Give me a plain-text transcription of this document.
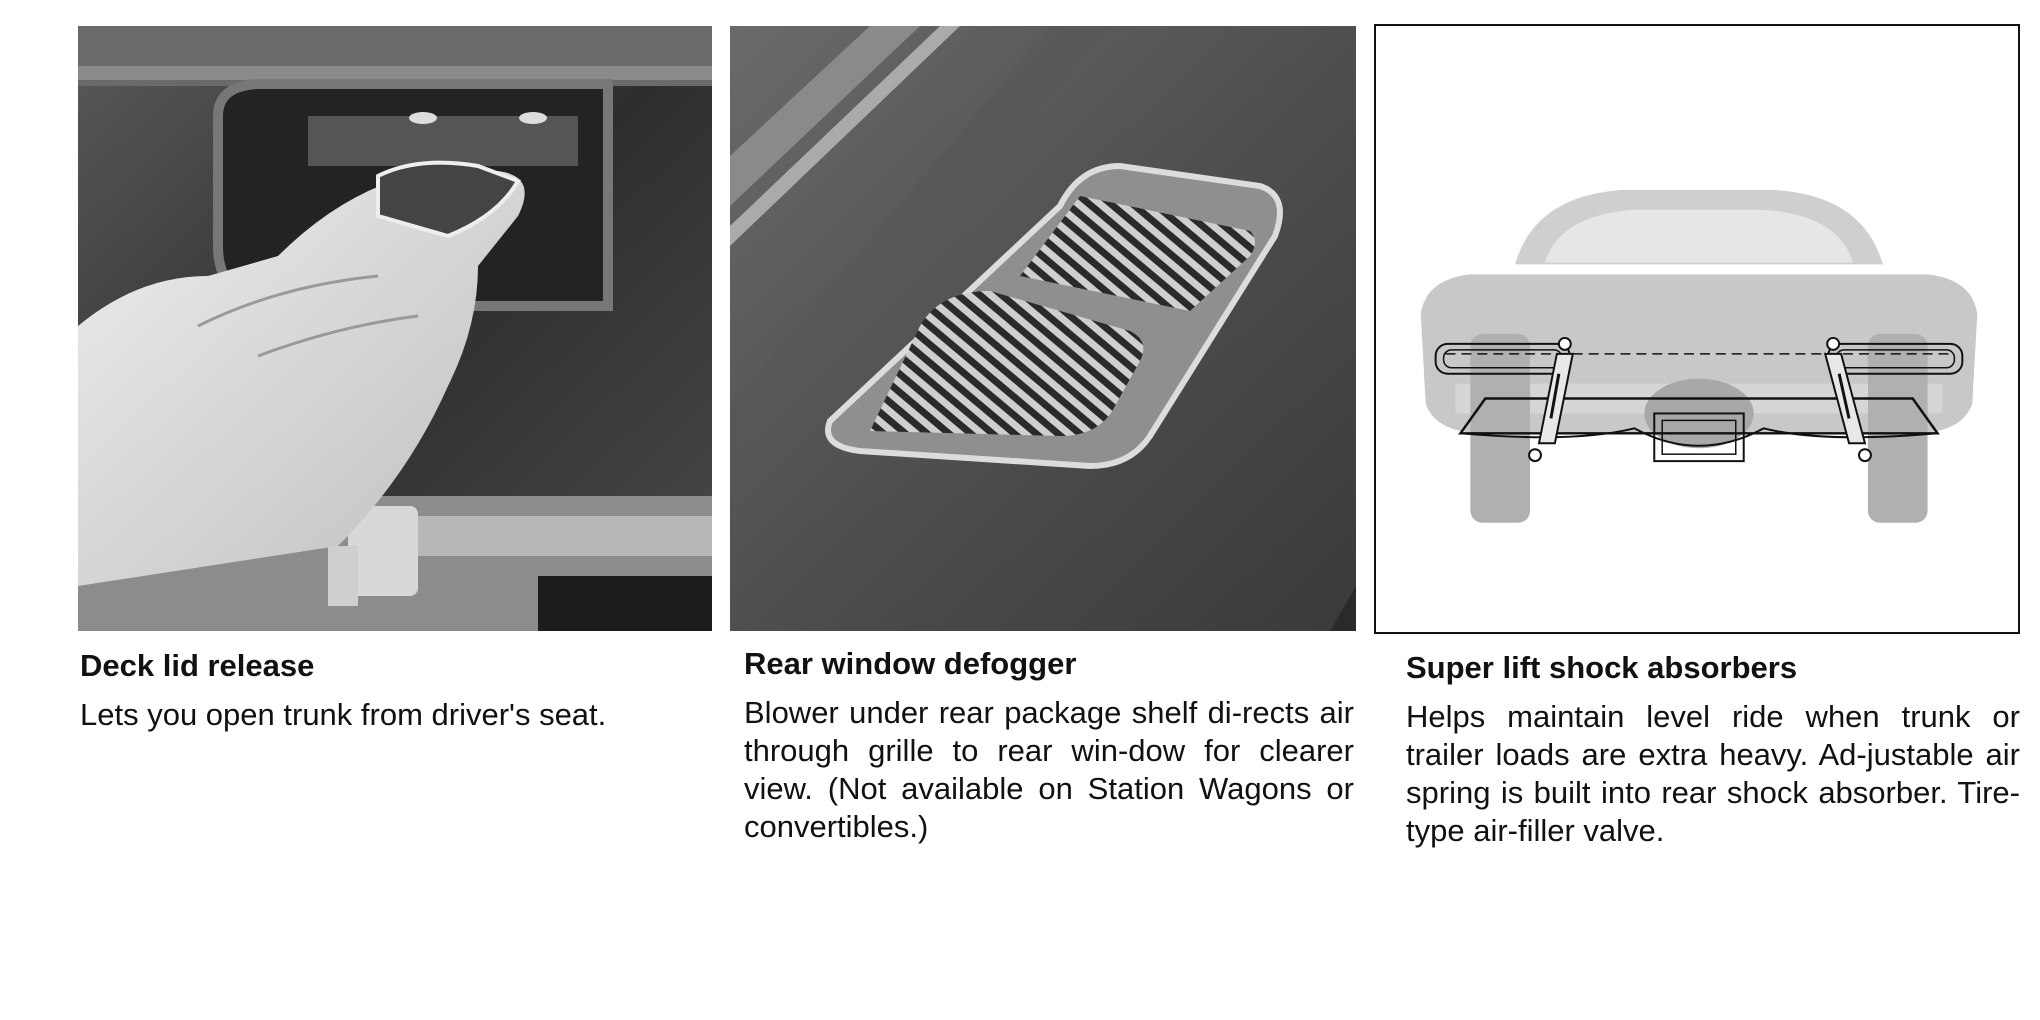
Deck lid release
Lets you open trunk from driver's seat.
Rear window defogger
Blower under rear package shelf di-rects air through grille to rear win-dow for clearer view. (Not available on Station Wagons or convertibles.)
Super lift shock absorbers
Helps maintain level ride when trunk or trailer loads are extra heavy. Ad-justable air spring is built into rear shock absorber. Tire-type air-filler valve.
